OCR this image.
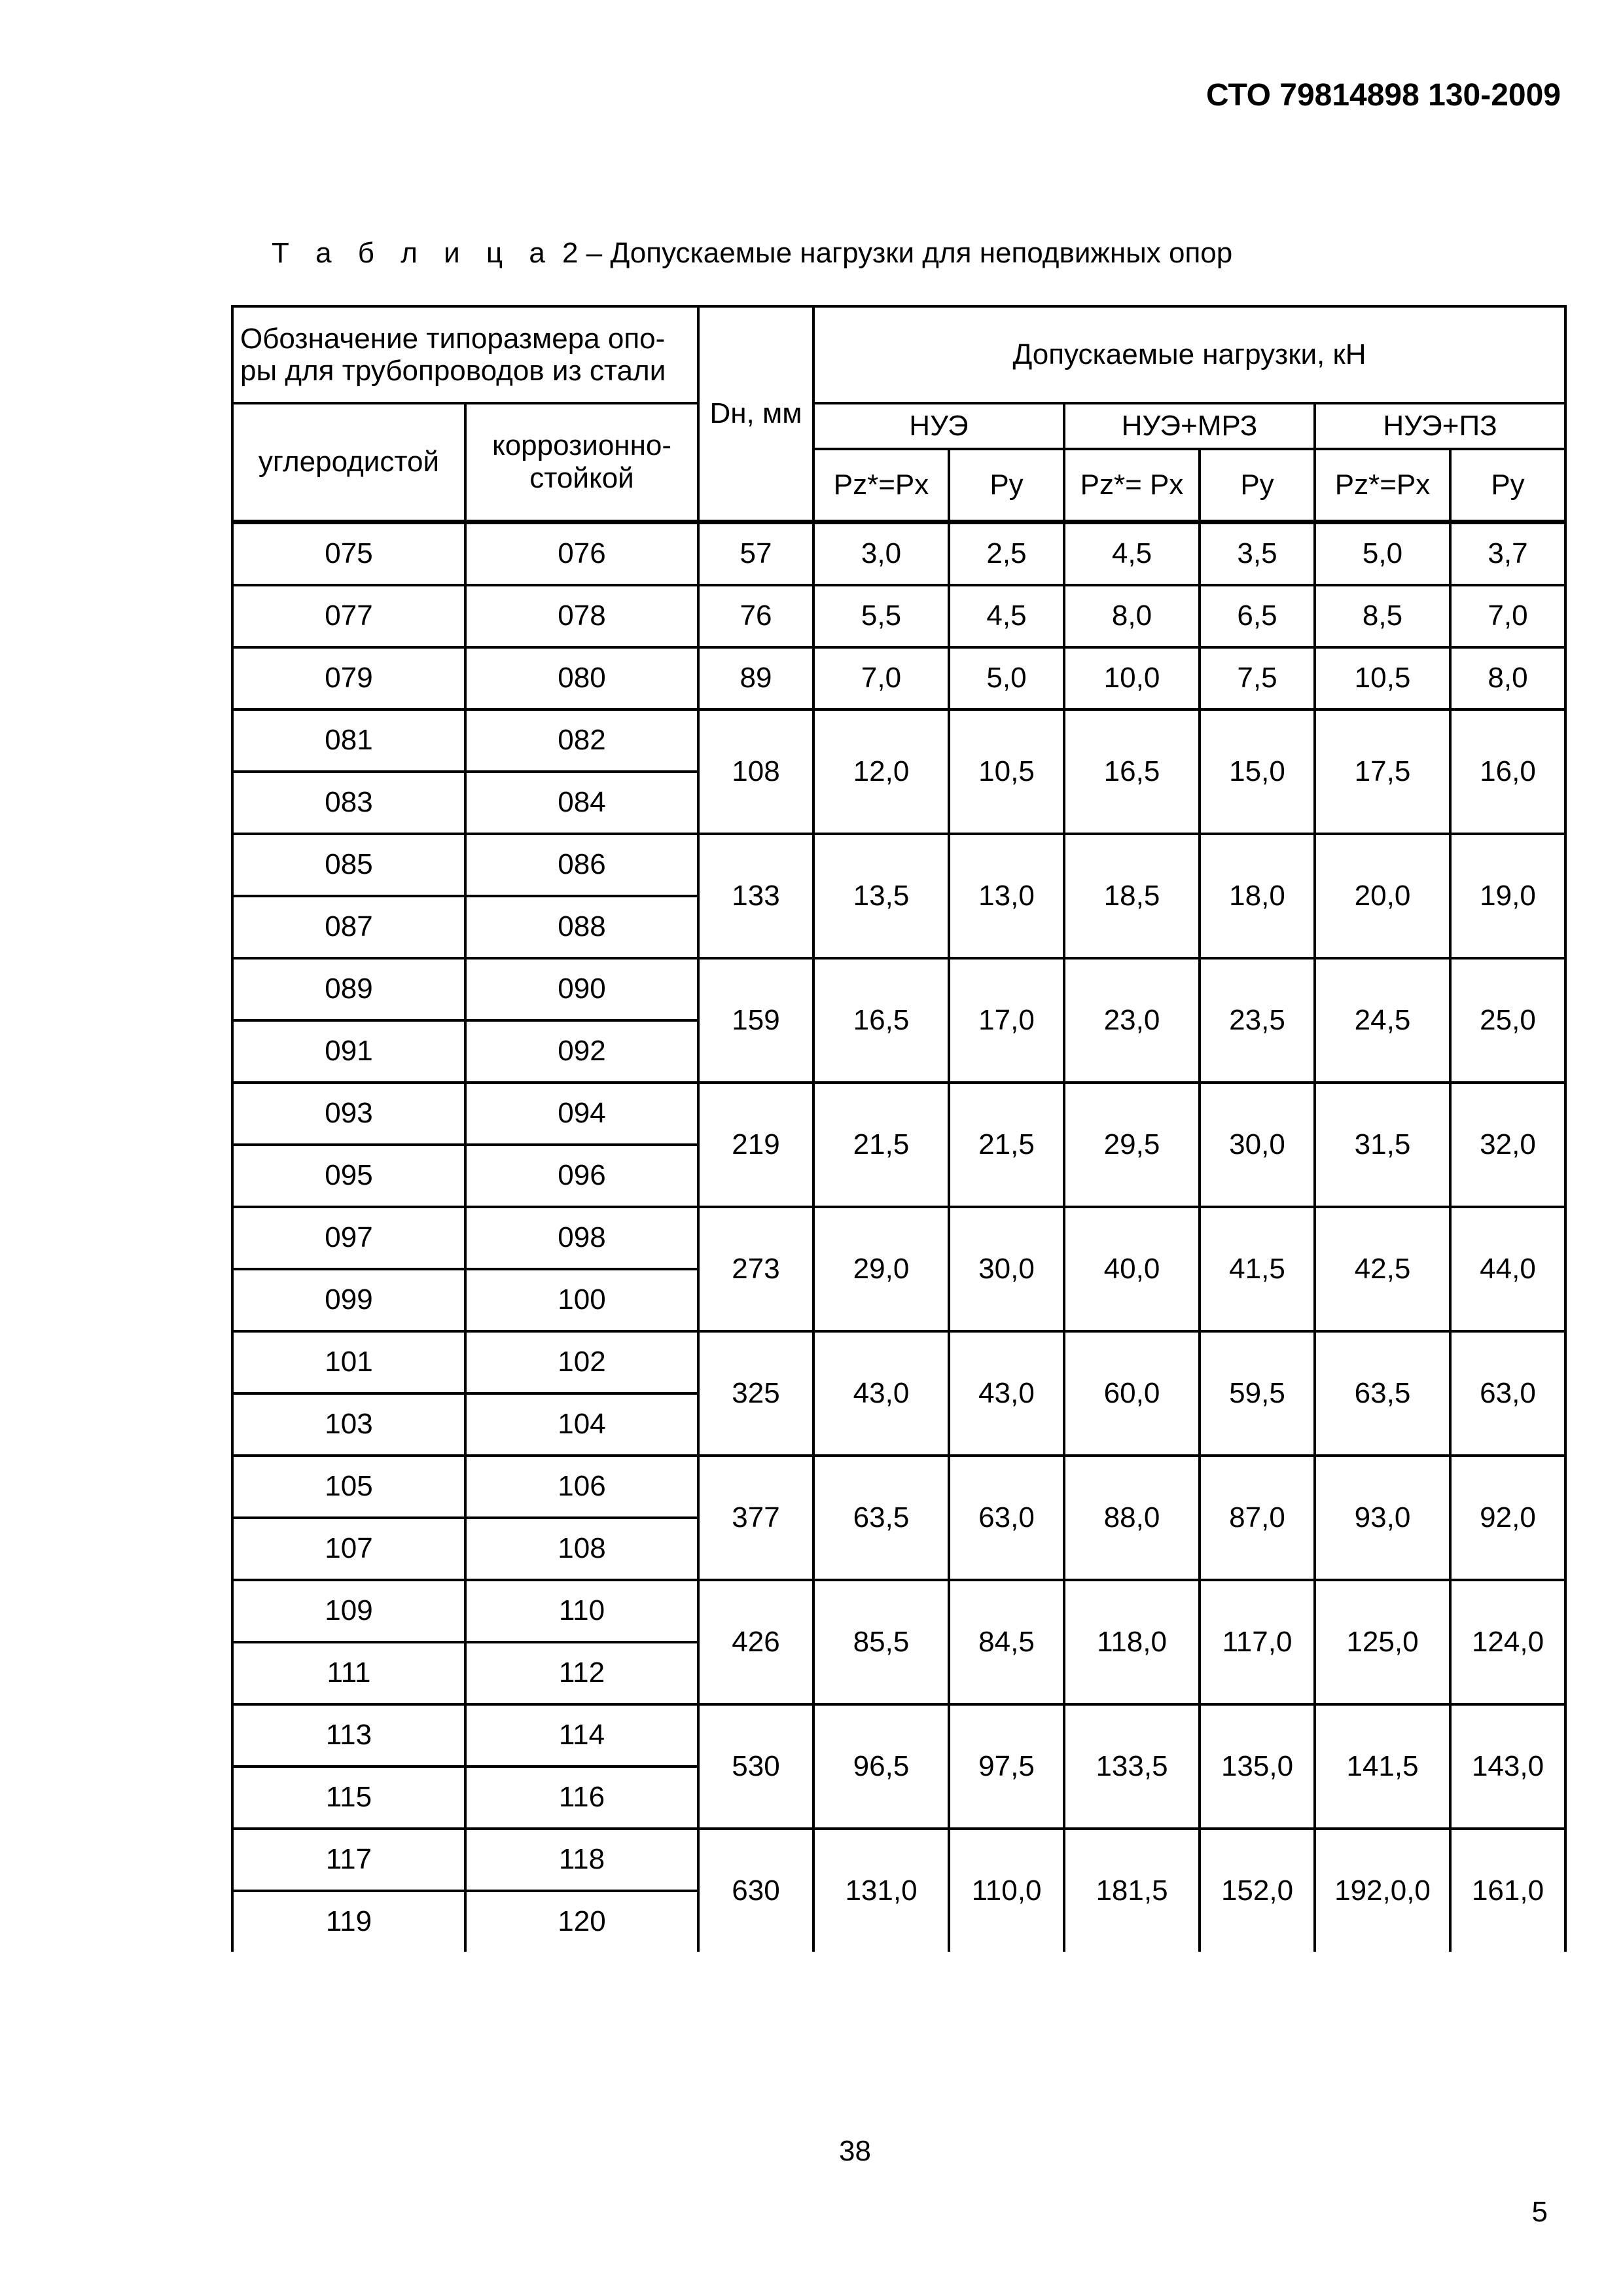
СТО 79814898 130-2009
Т а б л и ц а 2 – Допускаемые нагрузки для неподвижных опор
Обозначение типоразмера опо-ры для трубопроводов из стали		Dн, мм	Допускаемые нагрузки, кН					
углеродистой	коррозионно-стойкой		НУЭ		НУЭ+МРЗ		НУЭ+ПЗ	
			Pz*=Px	Py	Pz*= Px	Py	Pz*=Px	Py
075	076	57	3,0	2,5	4,5	3,5	5,0	3,7
077	078	76	5,5	4,5	8,0	6,5	8,5	7,0
079	080	89	7,0	5,0	10,0	7,5	10,5	8,0
081	082	108	12,0	10,5	16,5	15,0	17,5	16,0
083	084							
085	086	133	13,5	13,0	18,5	18,0	20,0	19,0
087	088							
089	090	159	16,5	17,0	23,0	23,5	24,5	25,0
091	092							
093	094	219	21,5	21,5	29,5	30,0	31,5	32,0
095	096							
097	098	273	29,0	30,0	40,0	41,5	42,5	44,0
099	100							
101	102	325	43,0	43,0	60,0	59,5	63,5	63,0
103	104							
105	106	377	63,5	63,0	88,0	87,0	93,0	92,0
107	108							
109	110	426	85,5	84,5	118,0	117,0	125,0	124,0
111	112							
113	114	530	96,5	97,5	133,5	135,0	141,5	143,0
115	116							
117	118	630	131,0	110,0	181,5	152,0	192,0,0	161,0
119	120							
38
5
